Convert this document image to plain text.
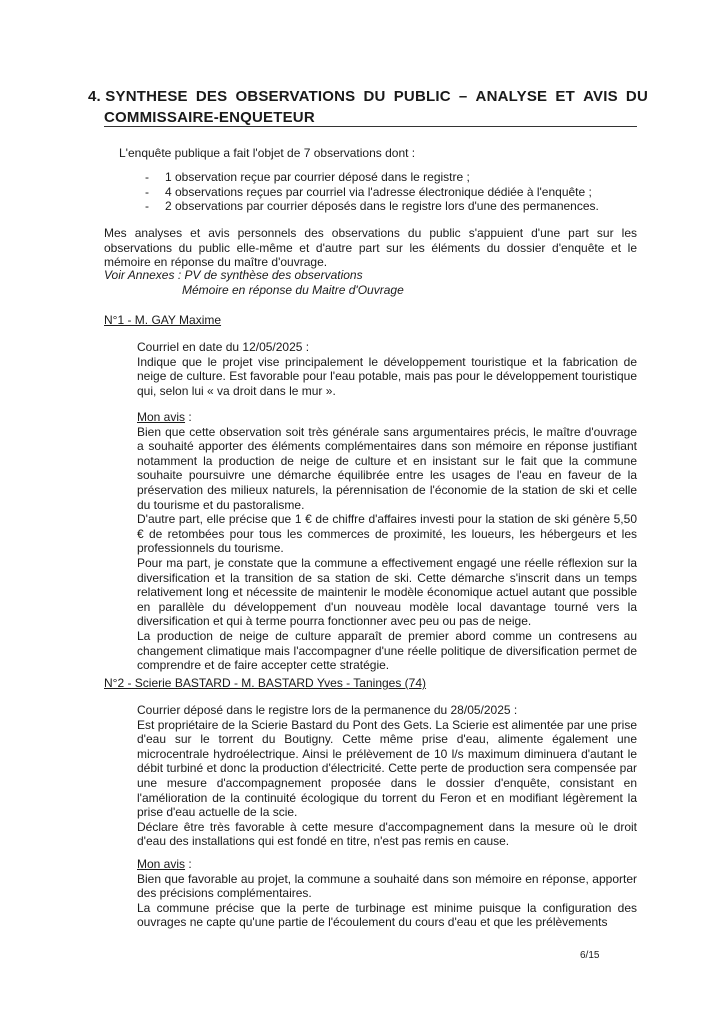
4. SYNTHESE DES OBSERVATIONS DU PUBLIC – ANALYSE ET AVIS DU
COMMISSAIRE-ENQUETEUR
L'enquête publique a fait l'objet de 7 observations dont :
- 1 observation reçue par courrier déposé dans le registre ;
- 4 observations reçues par courriel via l'adresse électronique dédiée à l'enquête ;
- 2 observations par courrier déposés dans le registre lors d'une des permanences.
Mes analyses et avis personnels des observations du public s'appuient d'une part sur les observations du public elle-même et d'autre part sur les éléments du dossier d'enquête et le mémoire en réponse du maître d'ouvrage.
Voir Annexes : PV de synthèse des observations
Mémoire en réponse du Maitre d'Ouvrage
N°1 - M. GAY Maxime

Courriel en date du 12/05/2025 :

Indique que le projet vise principalement le développement touristique et la fabrication de neige de culture. Est favorable pour l'eau potable, mais pas pour le développement touristique qui, selon lui « va droit dans le mur ».

Mon avis :

Bien que cette observation soit très générale sans argumentaires précis, le maître d'ouvrage a souhaité apporter des éléments complémentaires dans son mémoire en réponse justifiant notamment la production de neige de culture et en insistant sur le fait que la commune souhaite poursuivre une démarche équilibrée entre les usages de l'eau en faveur de la préservation des milieux naturels, la pérennisation de l'économie de la station de ski et celle du tourisme et du pastoralisme.

D'autre part, elle précise que 1 € de chiffre d'affaires investi pour la station de ski génère 5,50 € de retombées pour tous les commerces de proximité, les loueurs, les hébergeurs et les professionnels du tourisme.

Pour ma part, je constate que la commune a effectivement engagé une réelle réflexion sur la diversification et la transition de sa station de ski. Cette démarche s'inscrit dans un temps relativement long et nécessite de maintenir le modèle économique actuel autant que possible en parallèle du développement d'un nouveau modèle local davantage tourné vers la diversification et qui à terme pourra fonctionner avec peu ou pas de neige.

La production de neige de culture apparaît de premier abord comme un contresens au changement climatique mais l'accompagner d'une réelle politique de diversification permet de comprendre et de faire accepter cette stratégie.

N°2 - Scierie BASTARD - M. BASTARD Yves - Taninges (74)

Courrier déposé dans le registre lors de la permanence du 28/05/2025 :

Est propriétaire de la Scierie Bastard du Pont des Gets. La Scierie est alimentée par une prise d'eau sur le torrent du Boutigny. Cette même prise d'eau, alimente également une microcentrale hydroélectrique. Ainsi le prélèvement de 10 l/s maximum diminuera d'autant le débit turbiné et donc la production d'électricité. Cette perte de production sera compensée par une mesure d'accompagnement proposée dans le dossier d'enquête, consistant en l'amélioration de la continuité écologique du torrent du Feron et en modifiant légèrement la prise d'eau actuelle de la scie.

Déclare être très favorable à cette mesure d'accompagnement dans la mesure où le droit d'eau des installations qui est fondé en titre, n'est pas remis en cause.

Mon avis :

Bien que favorable au projet, la commune a souhaité dans son mémoire en réponse, apporter des précisions complémentaires.

La commune précise que la perte de turbinage est minime puisque la configuration des ouvrages ne capte qu'une partie de l'écoulement du cours d'eau et que les prélèvements

6/15
